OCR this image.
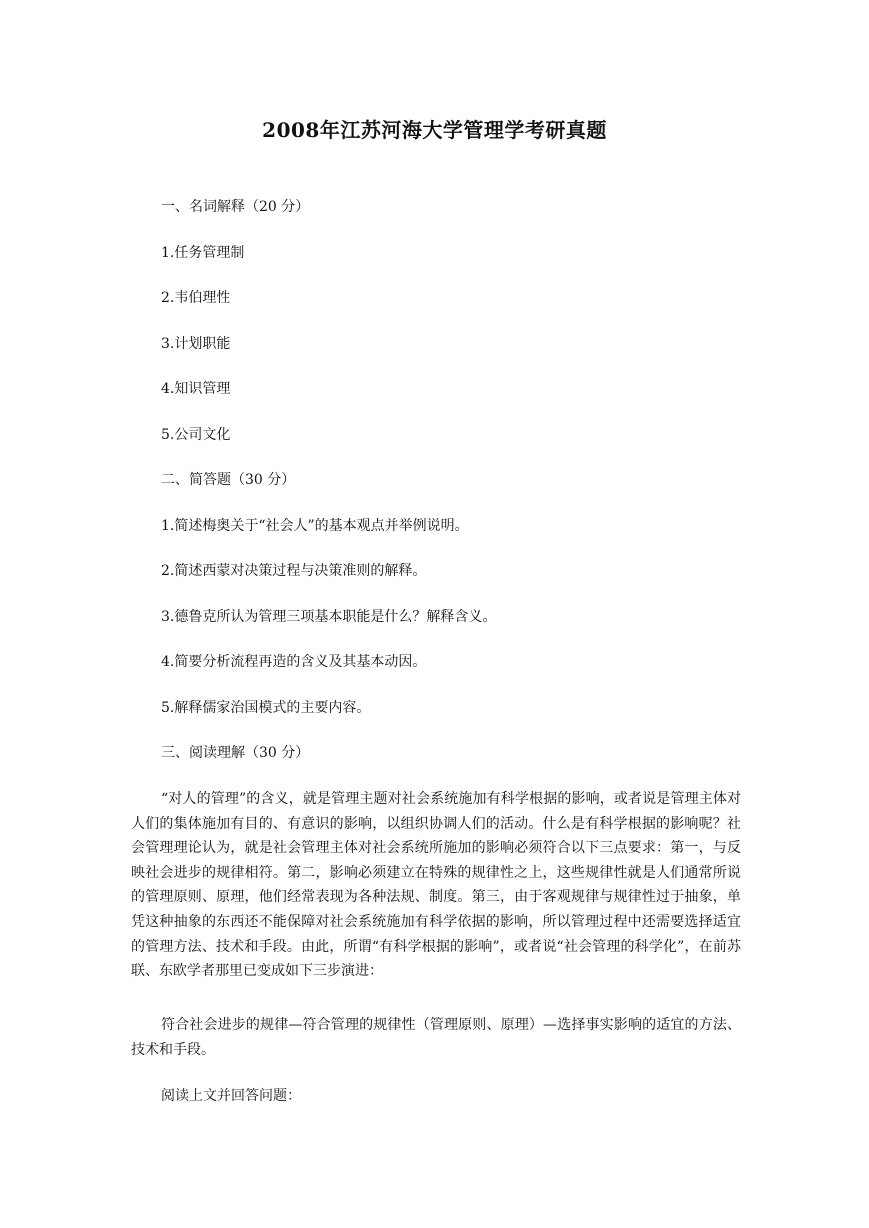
2008年江苏河海大学管理学考研真题
一、名词解释（20 分）
1.任务管理制
2.韦伯理性
3.计划职能
4.知识管理
5.公司文化
二、简答题（30 分）
1.简述梅奥关于“社会人”的基本观点并举例说明。
2.简述西蒙对决策过程与决策准则的解释。
3.德鲁克所认为管理三项基本职能是什么？解释含义。
4.简要分析流程再造的含义及其基本动因。
5.解释儒家治国模式的主要内容。
三、阅读理解（30 分）
“对人的管理”的含义，就是管理主题对社会系统施加有科学根据的影响，或者说是管理主体对人们的集体施加有目的、有意识的影响，以组织协调人们的活动。什么是有科学根据的影响呢？社会管理理论认为，就是社会管理主体对社会系统所施加的影响必须符合以下三点要求：第一，与反映社会进步的规律相符。第二，影响必须建立在特殊的规律性之上，这些规律性就是人们通常所说的管理原则、原理，他们经常表现为各种法规、制度。第三，由于客观规律与规律性过于抽象，单凭这种抽象的东西还不能保障对社会系统施加有科学依据的影响，所以管理过程中还需要选择适宜的管理方法、技术和手段。由此，所谓“有科学根据的影响”，或者说“社会管理的科学化”，在前苏联、东欧学者那里已变成如下三步演进：
符合社会进步的规律—符合管理的规律性（管理原则、原理）—选择事实影响的适宜的方法、技术和手段。
阅读上文并回答问题：
